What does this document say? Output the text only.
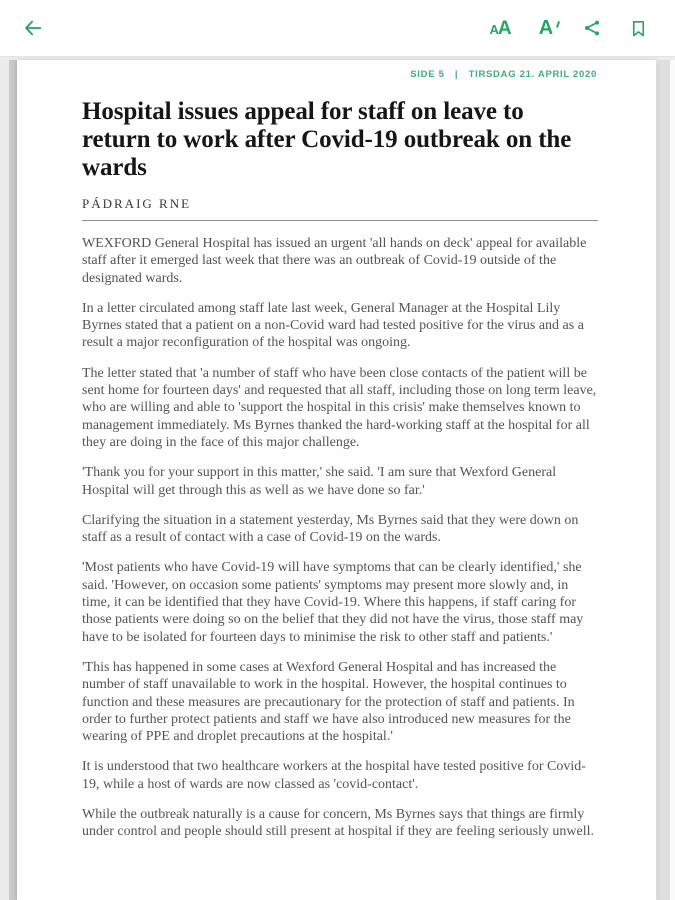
AA A
SIDE 5 | TIRSDAG 21. APRIL 2020
Hospital issues appeal for staff on leave to return to work after Covid-19 outbreak on the wards
PÁDRAIG RNE

WEXFORD General Hospital has issued an urgent 'all hands on deck' appeal for available staff after it emerged last week that there was an outbreak of Covid-19 outside of the designated wards.

In a letter circulated among staff late last week, General Manager at the Hospital Lily Byrnes stated that a patient on a non-Covid ward had tested positive for the virus and as a result a major reconfiguration of the hospital was ongoing.

The letter stated that 'a number of staff who have been close contacts of the patient will be sent home for fourteen days' and requested that all staff, including those on long term leave, who are willing and able to 'support the hospital in this crisis' make themselves known to management immediately. Ms Byrnes thanked the hard-working staff at the hospital for all they are doing in the face of this major challenge.

'Thank you for your support in this matter,' she said. 'I am sure that Wexford General Hospital will get through this as well as we have done so far.'

Clarifying the situation in a statement yesterday, Ms Byrnes said that they were down on staff as a result of contact with a case of Covid-19 on the wards.

'Most patients who have Covid-19 will have symptoms that can be clearly identified,' she said. 'However, on occasion some patients' symptoms may present more slowly and, in time, it can be identified that they have Covid-19. Where this happens, if staff caring for those patients were doing so on the belief that they did not have the virus, those staff may have to be isolated for fourteen days to minimise the risk to other staff and patients.'

'This has happened in some cases at Wexford General Hospital and has increased the number of staff unavailable to work in the hospital. However, the hospital continues to function and these measures are precautionary for the protection of staff and patients. In order to further protect patients and staff we have also introduced new measures for the wearing of PPE and droplet precautions at the hospital.'

It is understood that two healthcare workers at the hospital have tested positive for Covid-19, while a host of wards are now classed as 'covid-contact'.

While the outbreak naturally is a cause for concern, Ms Byrnes says that things are firmly under control and people should still present at hospital if they are feeling seriously unwell.
